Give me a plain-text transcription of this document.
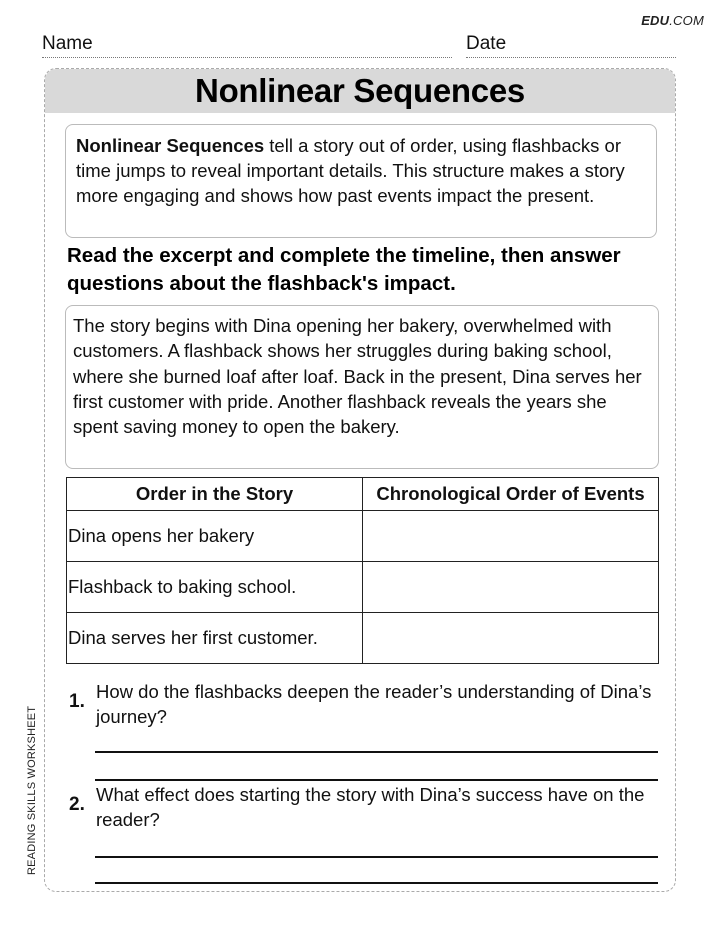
EDU.COM
Name	Date
Nonlinear Sequences
Nonlinear Sequences tell a story out of order, using flashbacks or time jumps to reveal important details. This structure makes a story more engaging and shows how past events impact the present.
Read the excerpt and complete the timeline, then answer questions about the flashback's impact.
The story begins with Dina opening her bakery, overwhelmed with customers. A flashback shows her struggles during baking school, where she burned loaf after loaf. Back in the present, Dina serves her first customer with pride. Another flashback reveals the years she spent saving money to open the bakery.
Order in the Story	Chronological Order of Events
Dina opens her bakery	
Flashback to baking school.	
Dina serves her first customer.	
1. How do the flashbacks deepen the reader’s understanding of Dina’s journey?
2. What effect does starting the story with Dina’s success have on the reader?
READING SKILLS WORKSHEET
